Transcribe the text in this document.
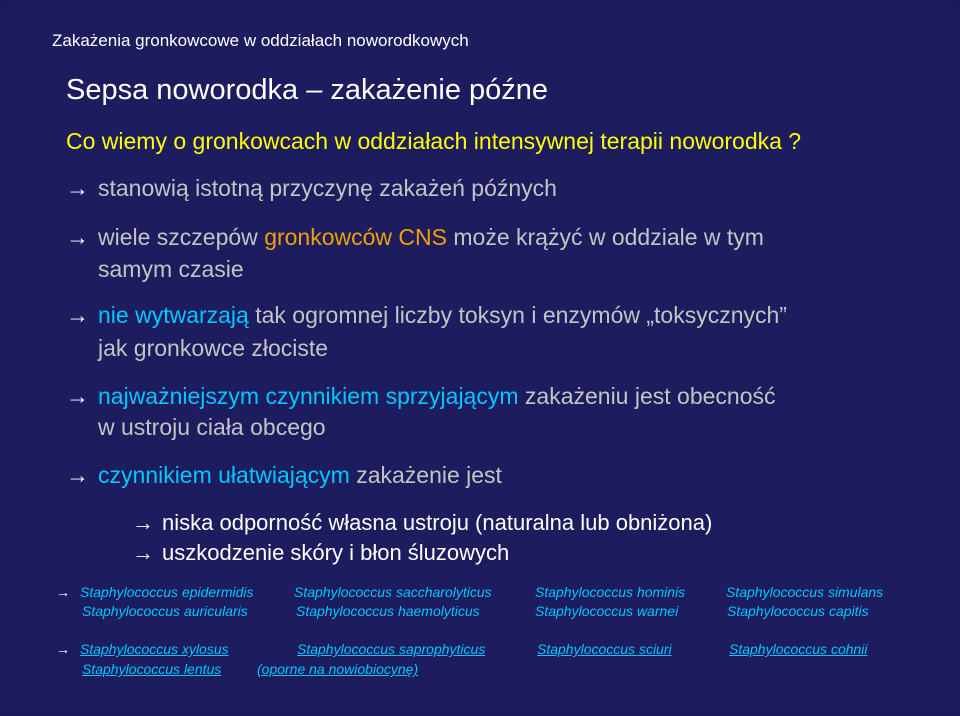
Zakażenia gronkowcowe w oddziałach noworodkowych
Sepsa noworodka – zakażenie późne
Co wiemy o gronkowcach w oddziałach intensywnej terapii noworodka ?
→ stanowią istotną przyczynę zakażeń późnych
→ wiele szczepów gronkowców CNS może krążyć w oddziale w tym
samym czasie
→ nie wytwarzają tak ogromnej liczby toksyn i enzymów „toksycznych”
jak gronkowce złociste
→ najważniejszym czynnikiem sprzyjającym zakażeniu jest obecność
w ustroju ciała obcego
→ czynnikiem ułatwiającym zakażenie jest
→ niska odporność własna ustroju (naturalna lub obniżona)
→ uszkodzenie skóry i błon śluzowych
→ Staphylococcus epidermidis	Staphylococcus saccharolyticus	Staphylococcus hominis	Staphylococcus simulans
Staphylococcus auricularis	Staphylococcus haemolyticus	Staphylococcus warnei	Staphylococcus capitis
→ Staphylococcus xylosus	Staphylococcus saprophyticus	Staphylococcus sciuri	Staphylococcus cohnii
Staphylococcus lentus	(oporne na nowiobiocynę)
